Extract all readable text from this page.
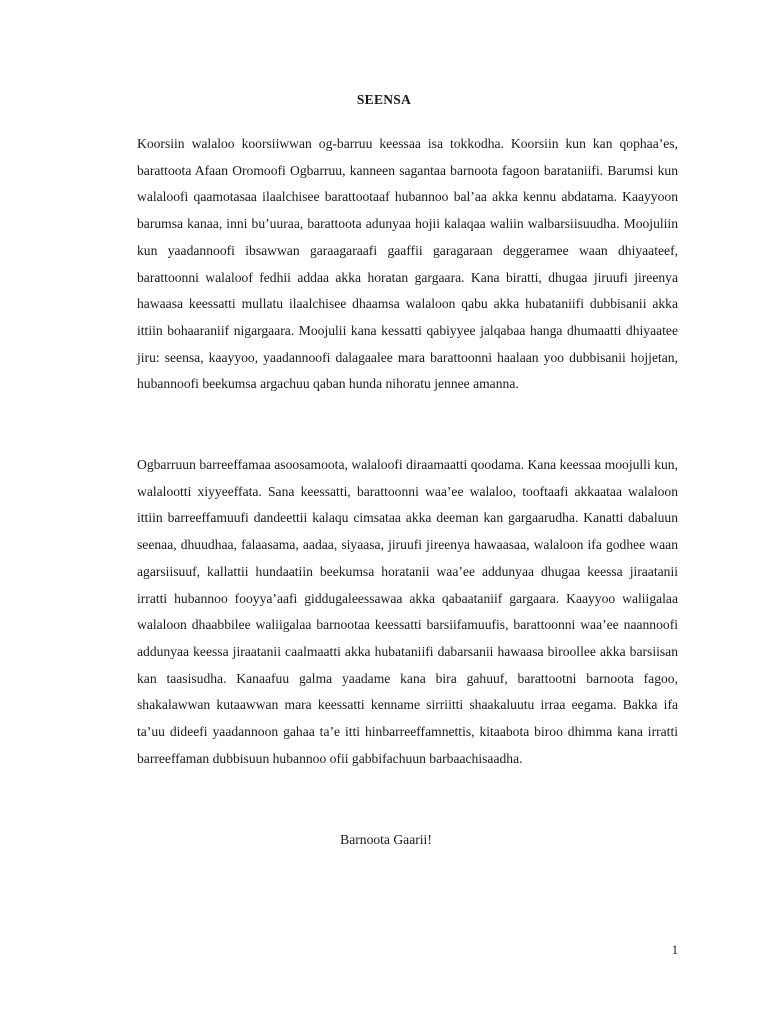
SEENSA

Koorsiin walaloo koorsiiwwan og-barruu keessaa isa tokkodha. Koorsiin kun kan qophaa’es, barattoota Afaan Oromoofi Ogbarruu, kanneen sagantaa barnoota fagoon barataniifi. Barumsi kun walaloofi qaamotasaa ilaalchisee barattootaaf hubannoo bal’aa akka kennu abdatama. Kaayyoon barumsa kanaa, inni bu’uuraa, barattoota adunyaa hojii kalaqaa waliin walbarsiisuudha. Moojuliin kun yaadannoofi ibsawwan garaagaraafi gaaffii garagaraan deggeramee waan dhiyaateef, barattoonni walaloof fedhii addaa akka horatan gargaara. Kana biratti, dhugaa jiruufi jireenya hawaasa keessatti mullatu ilaalchisee dhaamsa walaloon qabu akka hubataniifi dubbisanii akka ittiin bohaaraniif nigargaara. Moojulii kana kessatti qabiyyee jalqabaa hanga dhumaatti dhiyaatee jiru: seensa, kaayyoo, yaadannoofi dalagaalee mara barattoonni haalaan yoo dubbisanii hojjetan, hubannoofi beekumsa argachuu qaban hunda nihoratu jennee amanna.

Ogbarruun barreeffamaa asoosamoota, walaloofi diraamaatti qoodama. Kana keessaa moojulli kun, walalootti xiyyeeffata. Sana keessatti, barattoonni waa’ee walaloo, tooftaafi akkaataa walaloon ittiin barreeffamuufi dandeettii kalaqu cimsataa akka deeman kan gargaarudha. Kanatti dabaluun seenaa, dhuudhaa, falaasama, aadaa, siyaasa, jiruufi jireenya hawaasaa, walaloon ifa godhee waan agarsiisuuf, kallattii hundaatiin beekumsa horatanii waa’ee addunyaa dhugaa keessa jiraatanii irratti hubannoo fooyya’aafi giddugaleessawaa akka qabaataniif gargaara. Kaayyoo waliigalaa walaloon dhaabbilee waliigalaa barnootaa keessatti barsiifamuufis, barattoonni waa’ee naannoofi addunyaa keessa jiraatanii caalmaatti akka hubataniifi dabarsanii hawaasa biroollee akka barsiisan kan taasisudha. Kanaafuu galma yaadame kana bira gahuuf, barattootni barnoota fagoo, shakalawwan kutaawwan mara keessatti kenname sirriitti shaakaluutu irraa eegama. Bakka ifa ta’uu dideefi yaadannoon gahaa ta’e itti hinbarreeffamnettis, kitaabota biroo dhimma kana irratti barreeffaman dubbisuun hubannoo ofii gabbifachuun barbaachisaadha.

Barnoota Gaarii!
1
